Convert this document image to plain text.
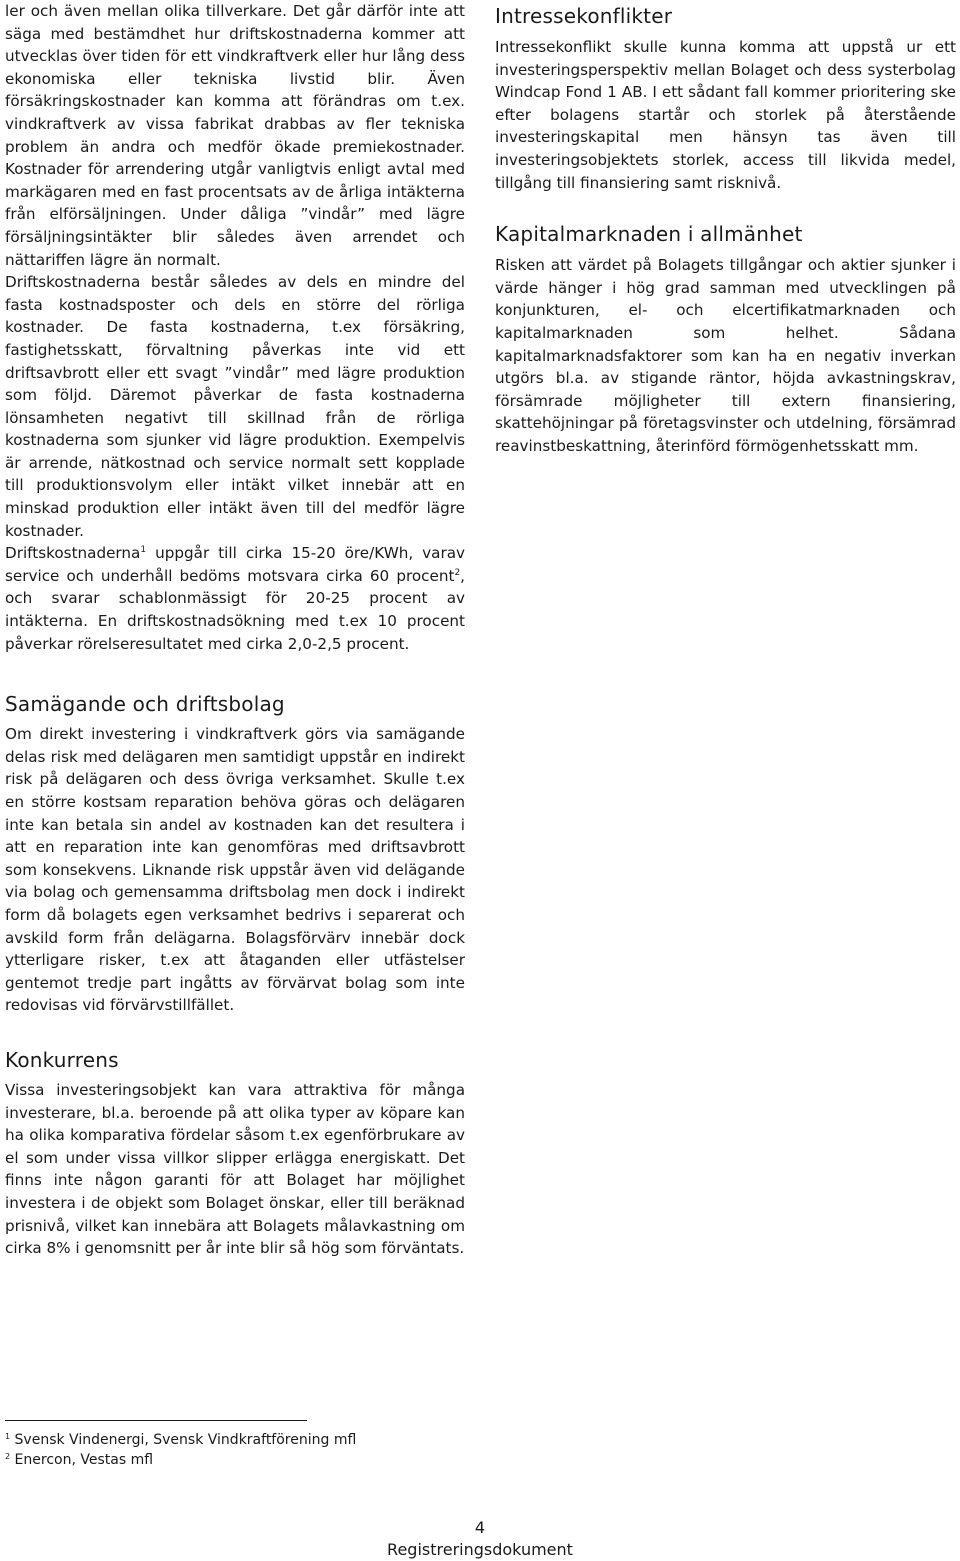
ler och även mellan olika tillverkare. Det går därför inte att säga med bestämdhet hur driftskostnaderna kommer att utvecklas över tiden för ett vindkraftverk eller hur lång dess ekonomiska eller tekniska livstid blir. Även försäkringskostnader kan komma att förändras om t.ex. vindkraftverk av vissa fabrikat drabbas av fler tekniska problem än andra och medför ökade premiekostnader. Kostnader för arrendering utgår vanligtvis enligt avtal med markägaren med en fast procentsats av de årliga intäkterna från elförsäljningen. Under dåliga ”vindår” med lägre försäljningsintäkter blir således även arrendet och nättariffen lägre än normalt.

Driftskostnaderna består således av dels en mindre del fasta kostnadsposter och dels en större del rörliga kostnader. De fasta kostnaderna, t.ex försäkring, fastighetsskatt, förvaltning påverkas inte vid ett driftsavbrott eller ett svagt ”vindår” med lägre produktion som följd. Däremot påverkar de fasta kostnaderna lönsamheten negativt till skillnad från de rörliga kostnaderna som sjunker vid lägre produktion. Exempelvis är arrende, nätkostnad och service normalt sett kopplade till produktionsvolym eller intäkt vilket innebär att en minskad produktion eller intäkt även till del medför lägre kostnader.

Driftskostnaderna$^1$ uppgår till cirka 15-20 öre/KWh, varav service och underhåll bedöms motsvara cirka 60 procent$^2$, och svarar schablonmässigt för 20-25 procent av intäkterna. En driftskostnadsökning med t.ex 10 procent påverkar rörelseresultatet med cirka 2,0-2,5 procent.

Samägande och driftsbolag

Om direkt investering i vindkraftverk görs via samägande delas risk med delägaren men samtidigt uppstår en indirekt risk på delägaren och dess övriga verksamhet. Skulle t.ex en större kostsam reparation behöva göras och delägaren inte kan betala sin andel av kostnaden kan det resultera i att en reparation inte kan genomföras med driftsavbrott som konsekvens. Liknande risk uppstår även vid delägande via bolag och gemensamma driftsbolag men dock i indirekt form då bolagets egen verksamhet bedrivs i separerat och avskild form från delägarna. Bolagsförvärv innebär dock ytterligare risker, t.ex att åtaganden eller utfästelser gentemot tredje part ingåtts av förvärvat bolag som inte redovisas vid förvärvstillfället.

Konkurrens

Vissa investeringsobjekt kan vara attraktiva för många investerare, bl.a. beroende på att olika typer av köpare kan ha olika komparativa fördelar såsom t.ex egenförbrukare av el som under vissa villkor slipper erlägga energiskatt. Det finns inte någon garanti för att Bolaget har möjlighet investera i de objekt som Bolaget önskar, eller till beräknad prisnivå, vilket kan innebära att Bolagets målavkastning om cirka 8% i genomsnitt per år inte blir så hög som förväntats.

Intressekonflikter

Intressekonflikt skulle kunna komma att uppstå ur ett investeringsperspektiv mellan Bolaget och dess systerbolag Windcap Fond 1 AB. I ett sådant fall kommer prioritering ske efter bolagens startår och storlek på återstående investeringskapital men hänsyn tas även till investeringsobjektets storlek, access till likvida medel, tillgång till finansiering samt risknivå.

Kapitalmarknaden i allmänhet

Risken att värdet på Bolagets tillgångar och aktier sjunker i värde hänger i hög grad samman med utvecklingen på konjunkturen, el- och elcertifikatmarknaden och kapitalmarknaden som helhet. Sådana kapitalmarknadsfaktorer som kan ha en negativ inverkan utgörs bl.a. av stigande räntor, höjda avkastningskrav, försämrade möjligheter till extern finansiering, skattehöjningar på företagsvinster och utdelning, försämrad reavinstbeskattning, återinförd förmögenhetsskatt mm.

$^1$ Svensk Vindenergi, Svensk Vindkraftförening mfl
$^2$ Enercon, Vestas mfl
4
Registreringsdokument
